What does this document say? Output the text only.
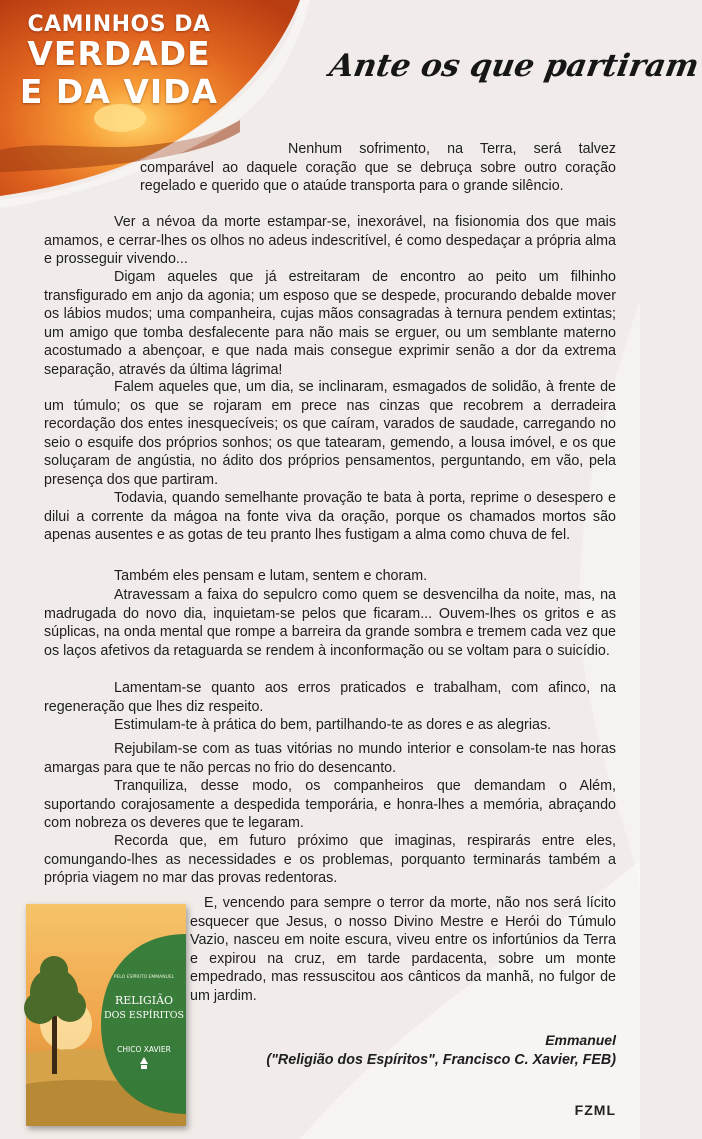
CAMINHOS DA
VERDADE
E DA VIDA
Ante os que partiram

Nenhum sofrimento, na Terra, será talvez comparável ao daquele coração que se debruça sobre outro coração regelado e querido que o ataúde transporta para o grande silêncio.

Ver a névoa da morte estampar-se, inexorável, na fisionomia dos que mais amamos, e cerrar-lhes os olhos no adeus indescritível, é como despedaçar a própria alma e prosseguir vivendo...

Digam aqueles que já estreitaram de encontro ao peito um filhinho transfigurado em anjo da agonia; um esposo que se despede, procurando debalde mover os lábios mudos; uma companheira, cujas mãos consagradas à ternura pendem extintas; um amigo que tomba desfalecente para não mais se erguer, ou um semblante materno acostumado a abençoar, e que nada mais consegue exprimir senão a dor da extrema separação, através da última lágrima!

Falem aqueles que, um dia, se inclinaram, esmagados de solidão, à frente de um túmulo; os que se rojaram em prece nas cinzas que recobrem a derradeira recordação dos entes inesquecíveis; os que caíram, varados de saudade, carregando no seio o esquife dos próprios sonhos; os que tatearam, gemendo, a lousa imóvel, e os que soluçaram de angústia, no ádito dos próprios pensamentos, perguntando, em vão, pela presença dos que partiram.

Todavia, quando semelhante provação te bata à porta, reprime o desespero e dilui a corrente da mágoa na fonte viva da oração, porque os chamados mortos são apenas ausentes e as gotas de teu pranto lhes fustigam a alma como chuva de fel.

Também eles pensam e lutam, sentem e choram.

Atravessam a faixa do sepulcro como quem se desvencilha da noite, mas, na madrugada do novo dia, inquietam-se pelos que ficaram... Ouvem-lhes os gritos e as súplicas, na onda mental que rompe a barreira da grande sombra e tremem cada vez que os laços afetivos da retaguarda se rendem à inconformação ou se voltam para o suicídio.

Lamentam-se quanto aos erros praticados e trabalham, com afinco, na regeneração que lhes diz respeito.

Estimulam-te à prática do bem, partilhando-te as dores e as alegrias.

Rejubilam-se com as tuas vitórias no mundo interior e consolam-te nas horas amargas para que te não percas no frio do desencanto.

Tranquiliza, desse modo, os companheiros que demandam o Além, suportando corajosamente a despedida temporária, e honra-lhes a memória, abraçando com nobreza os deveres que te legaram.

Recorda que, em futuro próximo que imaginas, respirarás entre eles, comungando-lhes as necessidades e os problemas, porquanto terminarás também a própria viagem no mar das provas redentoras.

E, vencendo para sempre o terror da morte, não nos será lícito esquecer que Jesus, o nosso Divino Mestre e Herói do Túmulo Vazio, nasceu em noite escura, viveu entre os infortúnios da Terra e expirou na cruz, em tarde pardacenta, sobre um monte empedrado, mas ressuscitou aos cânticos da manhã, no fulgor de um jardim.

PELO ESPÍRITO EMMANUEL
RELIGIÃO
DOS ESPÍRITOS
CHICO XAVIER
Emmanuel
("Religião dos Espíritos", Francisco C. Xavier, FEB)
FZML
